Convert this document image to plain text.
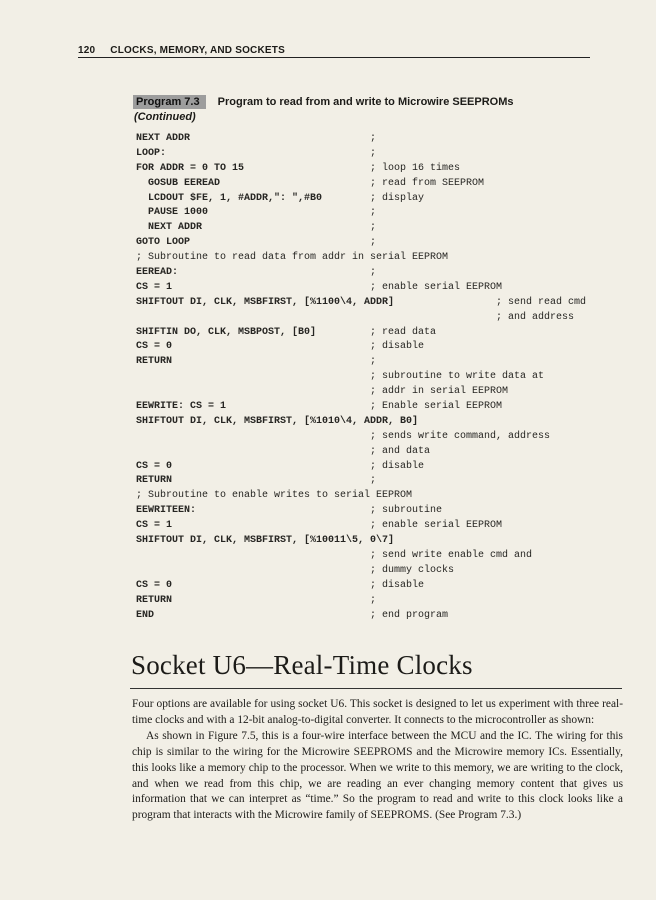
120 CLOCKS, MEMORY, AND SOCKETS
Program 7.3 Program to read from and write to Microwire SEEPROMs
(Continued)
NEXT ADDR	;
LOOP:	;
FOR ADDR = 0 TO 15	; loop 16 times
GOSUB EEREAD	; read from SEEPROM
LCDOUT $FE, 1, #ADDR,": ",#B0	; display
PAUSE 1000	;
NEXT ADDR	;
GOTO LOOP	;
; Subroutine to read data from addr in serial EEPROM
EEREAD:	;
CS = 1	; enable serial EEPROM
SHIFTOUT DI, CLK, MSBFIRST, [%1100\4, ADDR]	; send read cmd
; and address
SHIFTIN DO, CLK, MSBPOST, [B0]	; read data
CS = 0	; disable
RETURN	;
; subroutine to write data at
; addr in serial EEPROM
EEWRITE: CS = 1	; Enable serial EEPROM
SHIFTOUT DI, CLK, MSBFIRST, [%1010\4, ADDR, B0]
; sends write command, address
; and data
CS = 0	; disable
RETURN	;
; Subroutine to enable writes to serial EEPROM
EEWRITEEN:	; subroutine
CS = 1	; enable serial EEPROM
SHIFTOUT DI, CLK, MSBFIRST, [%10011\5, 0\7]
; send write enable cmd and
; dummy clocks
CS = 0	; disable
RETURN	;
END	; end program
Socket U6—Real-Time Clocks

Four options are available for using socket U6. This socket is designed to let us experiment with three real-time clocks and with a 12-bit analog-to-digital converter. It connects to the microcontroller as shown:

As shown in Figure 7.5, this is a four-wire interface between the MCU and the IC. The wiring for this chip is similar to the wiring for the Microwire SEEPROMS and the Microwire memory ICs. Essentially, this looks like a memory chip to the processor. When we write to this memory, we are writing to the clock, and when we read from this chip, we are reading an ever changing memory content that gives us information that we can interpret as “time.” So the program to read and write to this clock looks like a program that interacts with the Microwire family of SEEPROMS. (See Program 7.3.)
